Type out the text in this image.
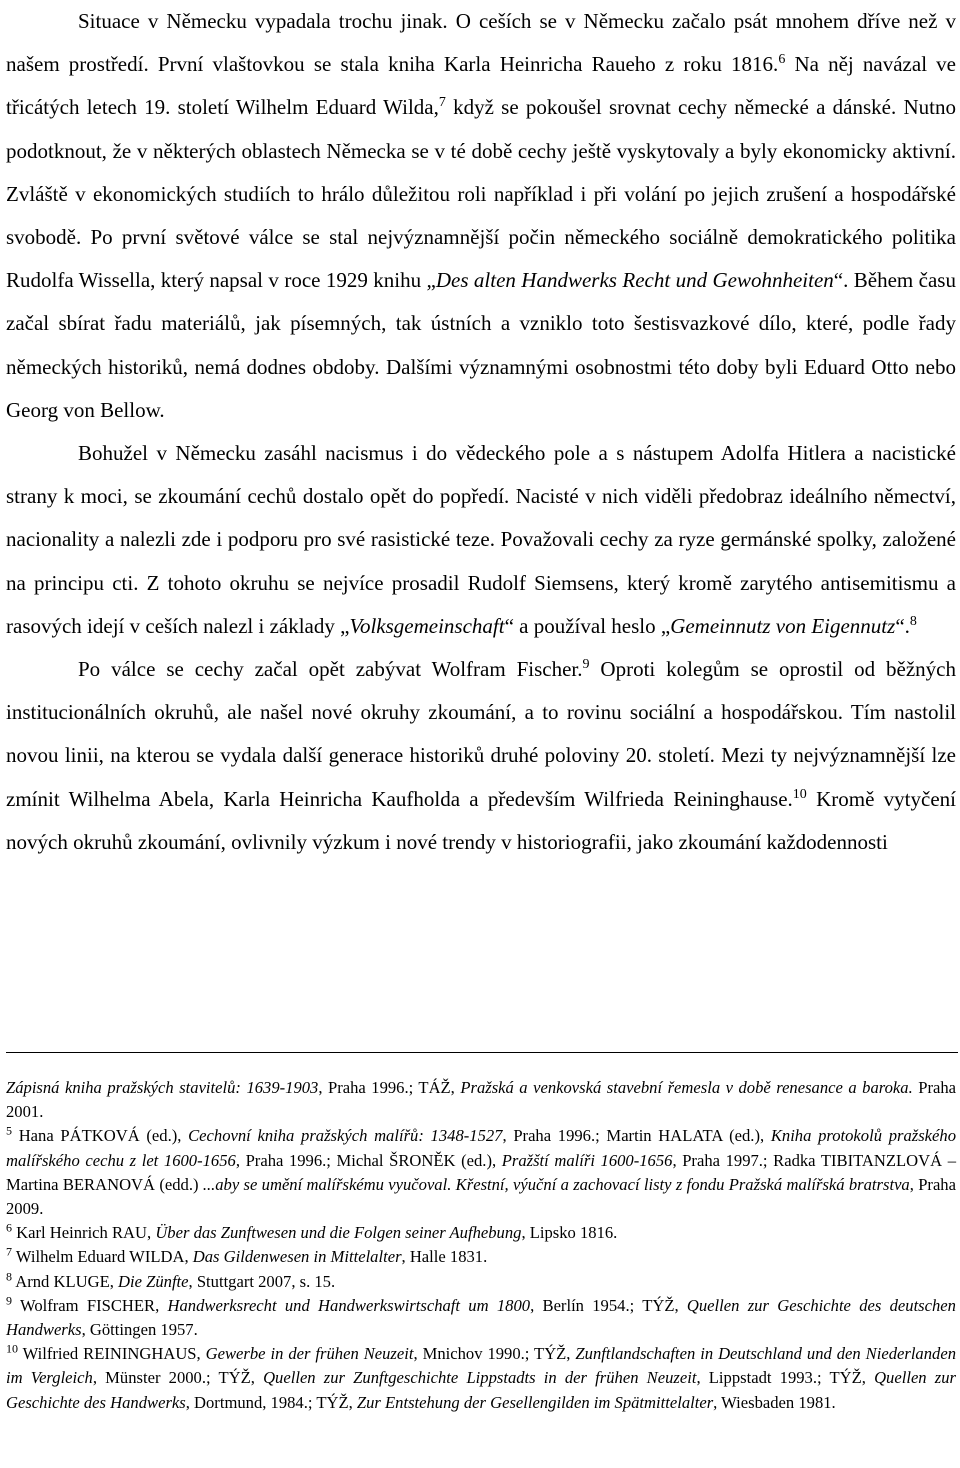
Situace v Německu vypadala trochu jinak. O ceších se v Německu začalo psát mnohem dříve než v našem prostředí. První vlaštovkou se stala kniha Karla Heinricha Raueho z roku 1816.$^6$ Na něj navázal ve třicátých letech 19. století Wilhelm Eduard Wilda,$^7$ když se pokoušel srovnat cechy německé a dánské. Nutno podotknout, že v některých oblastech Německa se v té době cechy ještě vyskytovaly a byly ekonomicky aktivní. Zvláště v ekonomických studiích to hrálo důležitou roli například i při volání po jejich zrušení a hospodářské svobodě. Po první světové válce se stal nejvýznamnější počin německého sociálně demokratického politika Rudolfa Wissella, který napsal v roce 1929 knihu „Des alten Handwerks Recht und Gewohnheiten“. Během času začal sbírat řadu materiálů, jak písemných, tak ústních a vzniklo toto šestisvazkové dílo, které, podle řady německých historiků, nemá dodnes obdoby. Dalšími významnými osobnostmi této doby byli Eduard Otto nebo Georg von Bellow.

Bohužel v Německu zasáhl nacismus i do vědeckého pole a s nástupem Adolfa Hitlera a nacistické strany k moci, se zkoumání cechů dostalo opět do popředí. Nacisté v nich viděli předobraz ideálního němectví, nacionality a nalezli zde i podporu pro své rasistické teze. Považovali cechy za ryze germánské spolky, založené na principu cti. Z tohoto okruhu se nejvíce prosadil Rudolf Siemsens, který kromě zarytého antisemitismu a rasových idejí v ceších nalezl i základy „Volksgemeinschaft“ a používal heslo „Gemeinnutz von Eigennutz“.$^8$

Po válce se cechy začal opět zabývat Wolfram Fischer.$^9$ Oproti kolegům se oprostil od běžných institucionálních okruhů, ale našel nové okruhy zkoumání, a to rovinu sociální a hospodářskou. Tím nastolil novou linii, na kterou se vydala další generace historiků druhé poloviny 20. století. Mezi ty nejvýznamnější lze zmínit Wilhelma Abela, Karla Heinricha Kaufholda a především Wilfrieda Reininghause.$^{10}$ Kromě vytyčení nových okruhů zkoumání, ovlivnily výzkum i nové trendy v historiografii, jako zkoumání každodennosti

Zápisná kniha pražských stavitelů: 1639-1903, Praha 1996.; TÁŽ, Pražská a venkovská stavební řemesla v době renesance a baroka. Praha 2001.

$^5$ Hana PÁTKOVÁ (ed.), Cechovní kniha pražských malířů: 1348-1527, Praha 1996.; Martin HALATA (ed.), Kniha protokolů pražského malířského cechu z let 1600-1656, Praha 1996.; Michal ŠRONĚK (ed.), Pražští malíři 1600-1656, Praha 1997.; Radka TIBITANZLOVÁ – Martina BERANOVÁ (edd.) ...aby se umění malířskému vyučoval. Křestní, výuční a zachovací listy z fondu Pražská malířská bratrstva, Praha 2009.

$^6$ Karl Heinrich RAU, Über das Zunftwesen und die Folgen seiner Aufhebung, Lipsko 1816.

$^7$ Wilhelm Eduard WILDA, Das Gildenwesen in Mittelalter, Halle 1831.

$^8$ Arnd KLUGE, Die Zünfte, Stuttgart 2007, s. 15.

$^9$ Wolfram FISCHER, Handwerksrecht und Handwerkswirtschaft um 1800, Berlín 1954.; TÝŽ, Quellen zur Geschichte des deutschen Handwerks, Göttingen 1957.

$^{10}$ Wilfried REININGHAUS, Gewerbe in der frühen Neuzeit, Mnichov 1990.; TÝŽ, Zunftlandschaften in Deutschland und den Niederlanden im Vergleich, Münster 2000.; TÝŽ, Quellen zur Zunftgeschichte Lippstadts in der frühen Neuzeit, Lippstadt 1993.; TÝŽ, Quellen zur Geschichte des Handwerks, Dortmund, 1984.; TÝŽ, Zur Entstehung der Gesellengilden im Spätmittelalter, Wiesbaden 1981.
